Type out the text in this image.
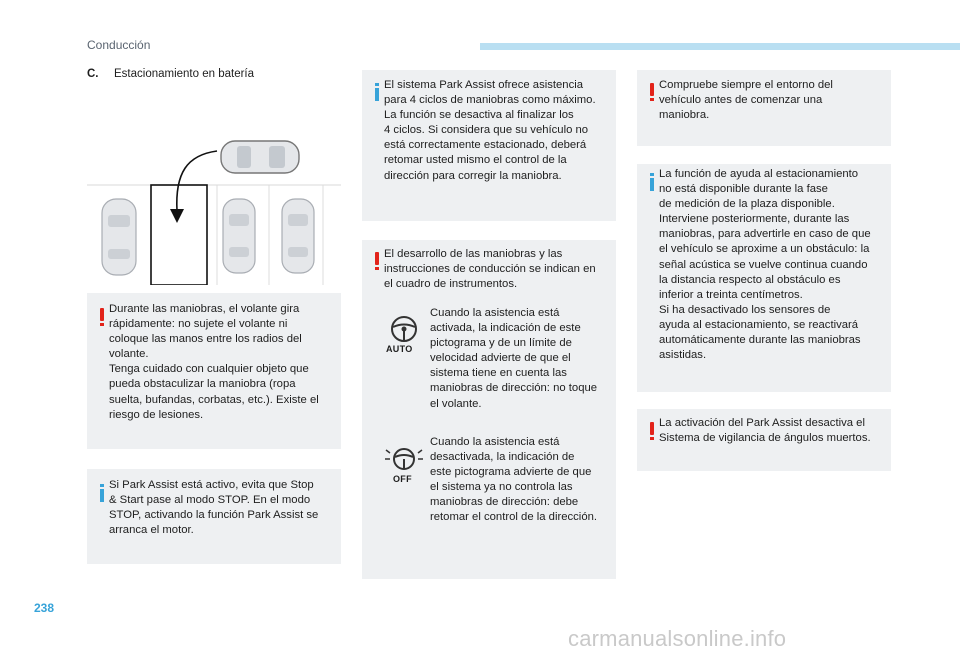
Conducción
C. Estacionamiento en batería
Durante las maniobras, el volante gira
rápidamente: no sujete el volante ni
coloque las manos entre los radios del
volante.
Tenga cuidado con cualquier objeto que
pueda obstaculizar la maniobra (ropa
suelta, bufandas, corbatas, etc.). Existe el
riesgo de lesiones.
Si Park Assist está activo, evita que Stop
& Start pase al modo STOP. En el modo
STOP, activando la función Park Assist se
arranca el motor.
El sistema Park Assist ofrece asistencia
para 4 ciclos de maniobras como máximo.
La función se desactiva al finalizar los
4 ciclos. Si considera que su vehículo no
está correctamente estacionado, deberá
retomar usted mismo el control de la
dirección para corregir la maniobra.
El desarrollo de las maniobras y las
instrucciones de conducción se indican en
el cuadro de instrumentos.
AUTO
Cuando la asistencia está
activada, la indicación de este
pictograma y de un límite de
velocidad advierte de que el
sistema tiene en cuenta las
maniobras de dirección: no toque
el volante.
OFF
Cuando la asistencia está
desactivada, la indicación de
este pictograma advierte de que
el sistema ya no controla las
maniobras de dirección: debe
retomar el control de la dirección.
Compruebe siempre el entorno del
vehículo antes de comenzar una
maniobra.
La función de ayuda al estacionamiento
no está disponible durante la fase
de medición de la plaza disponible.
Interviene posteriormente, durante las
maniobras, para advertirle en caso de que
el vehículo se aproxime a un obstáculo: la
señal acústica se vuelve continua cuando
la distancia respecto al obstáculo es
inferior a treinta centímetros.
Si ha desactivado los sensores de
ayuda al estacionamiento, se reactivará
automáticamente durante las maniobras
asistidas.
La activación del Park Assist desactiva el
Sistema de vigilancia de ángulos muertos.
238
carmanualsonline.info
